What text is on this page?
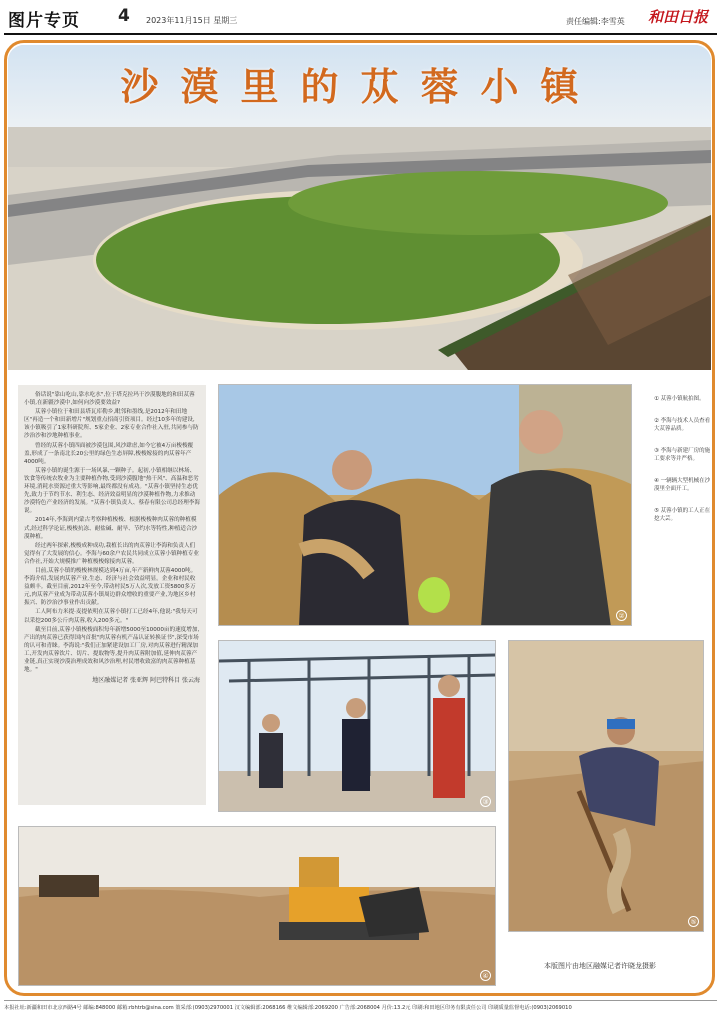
图片专页 4 2023年11月15日 星期三	责任编辑:李雪英 和田日报
沙漠里的苁蓉小镇

俗话说"靠山吃山,靠水吃水",位于塔克拉玛干沙漠腹地的和田苁蓉小镇,在新疆沙漠中,如何向沙漠要效益?

苁蓉小镇位于和田县塔瓦库勒乡,毗邻和墨线,是2012年和田地区"再造一个和田新增片"规划重点招商引资项目。经过10多年的建设,该小镇吸引了1家科研院所、5家企业、2家专业合作社入驻,共同参与防沙治沙和沙地种植事业。

曾经的苁蓉小镇四面被沙漠包围,风沙肆虐,如今它被4万亩梭梭覆盖,形成了一条南北长20公里的绿色生态屏障,梭梭嫁接的肉苁蓉年产4000吨。

苁蓉小镇的诞生源于一场风暴,一颗种子。起初,小镇相继以林场、饮食等传统农牧业为主要种植作物,受到沙漠腹地"热干风"、高温和恶劣环境,消耗水资源过重大等影响,最终都没有成功。"苁蓉小镇坚持生态优先,致力于节约节水、利生态、经济效益明显的沙漠种植作物,力求推动沙漠特色产业经济的发展。"苁蓉小镇负责人、蔡春有限公司总经理李海说。

2014年,李海到内蒙古考察种植梭梭、根据梭梭种肉苁蓉的种植模式,经过科学论证,梭梭抗冻、耐盐碱、耐旱、节约水等特性,种植适合沙漠种植。

经过两年探索,梭梭成种成功,栽植长出的肉苁蓉让李海和负责人们觉得有了大发展的信心。李海与60余户农民共同成立苁蓉小镇种植专业合作社,开始大规模推广种植梭梭嫁接肉苁蓉。

目前,苁蓉小镇的梭梭林规模达到4万亩,年产新鲜肉苁蓉4000吨。李海介绍,发展肉苁蓉产业,生态、经济与社会效益明显。企业和村民收益颇丰。截至目前,2012年至今,带动村民5万人次,发放工资5800多万元,肉苁蓉产业成为带动苁蓉小镇周边群众增收的重要产业,为地区乡村振兴、防沙治沙事业作出贡献。

工人阿布力米提·麦提依明在苁蓉小镇打工已经4年,他说:"我每天可以采挖200多公斤肉苁蓉,收入200多元。"

截至目前,苁蓉小镇梭梭面积每年新增5000至10000亩的速度增加,产出的肉苁蓉已获得国内首批"肉苁蓉有机产品认证转换证书",深受市场的认可和青睐。李海说:"我们正加紧建设加工厂房,对肉苁蓉进行精深加工,开发肉苁蓉饮片、切片、提取物等,提升肉苁蓉附加值,延伸肉苁蓉产业链,真正实现沙漠治理成效和风沙治理,村民增收致富的肉苁蓉种植基地。"

地区融媒记者 张亚辉 阿巴特科目 张云海
②
③
⑤
④
① 苁蓉小镇航拍图。
② 李海与技术人员查看大苁蓉品质。
③ 李海与新建厂房的施工要求等并严格。
④ 一辆辆大型机械在沙漠里全面开工。
⑤ 苁蓉小镇的工人正在挖大芸。
本版图片由地区融媒记者许晓龙摄影
本报社址:新疆和田市北京西路4号 邮编:848000 邮箱:rbhtrb@sina.com 策采部:(0903)2970001 汉文编辑部:2068166 维文编辑部:2069200 广告部:2068004 月价:13.2元 印刷:和田地区印务有限责任公司 印刷质量监督电话:(0903)2069010
